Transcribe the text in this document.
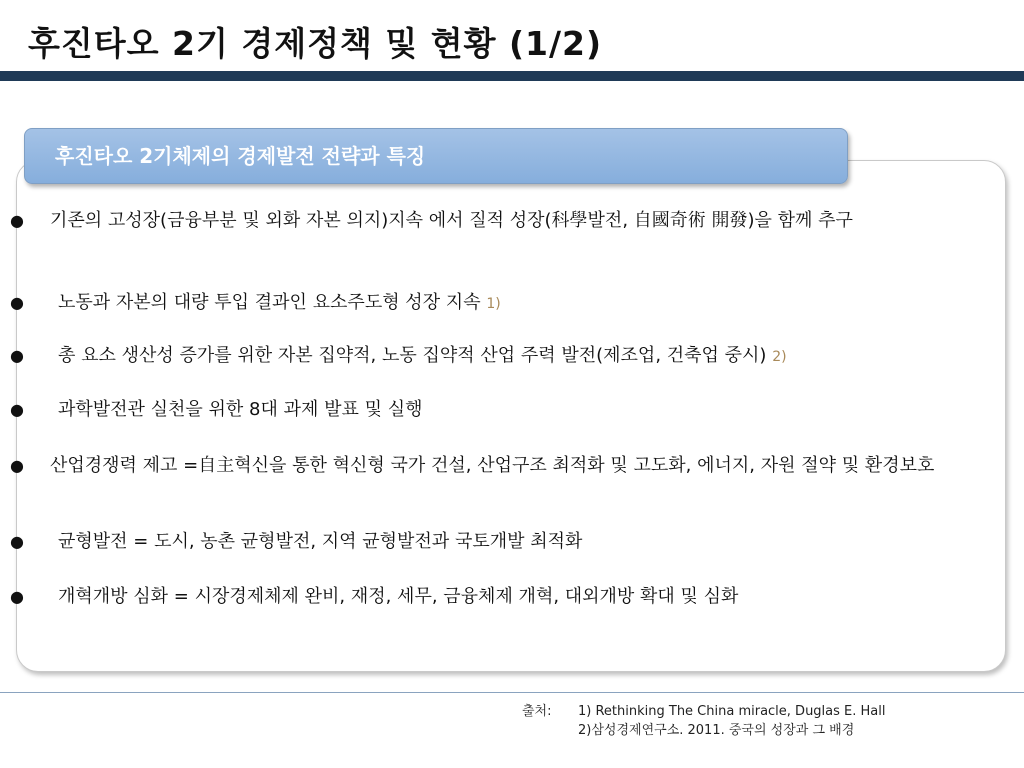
후진타오 2기 경제정책 및 현황 (1/2)
후진타오 2기체제의 경제발전 전략과 특징
● 기존의 고성장(금융부분 및 외화 자본 의지)지속 에서 질적 성장(科學발전, 自國奇術 開發)을 함께 추구
● 노동과 자본의 대량 투입 결과인 요소주도형 성장 지속 1)
● 총 요소 생산성 증가를 위한 자본 집약적, 노동 집약적 산업 주력 발전(제조업, 건축업 중시) 2)
● 과학발전관 실천을 위한 8대 과제 발표 및 실행
● 산업경쟁력 제고 =自主혁신을 통한 혁신형 국가 건설, 산업구조 최적화 및 고도화, 에너지, 자원 절약 및 환경보호
● 균형발전 = 도시, 농촌 균형발전, 지역 균형발전과 국토개발 최적화
● 개혁개방 심화 = 시장경제체제 완비, 재정, 세무, 금융체제 개혁, 대외개방 확대 및 심화
출처: 1) Rethinking The China miracle, Duglas E. Hall
2)삼성경제연구소. 2011. 중국의 성장과 그 배경
